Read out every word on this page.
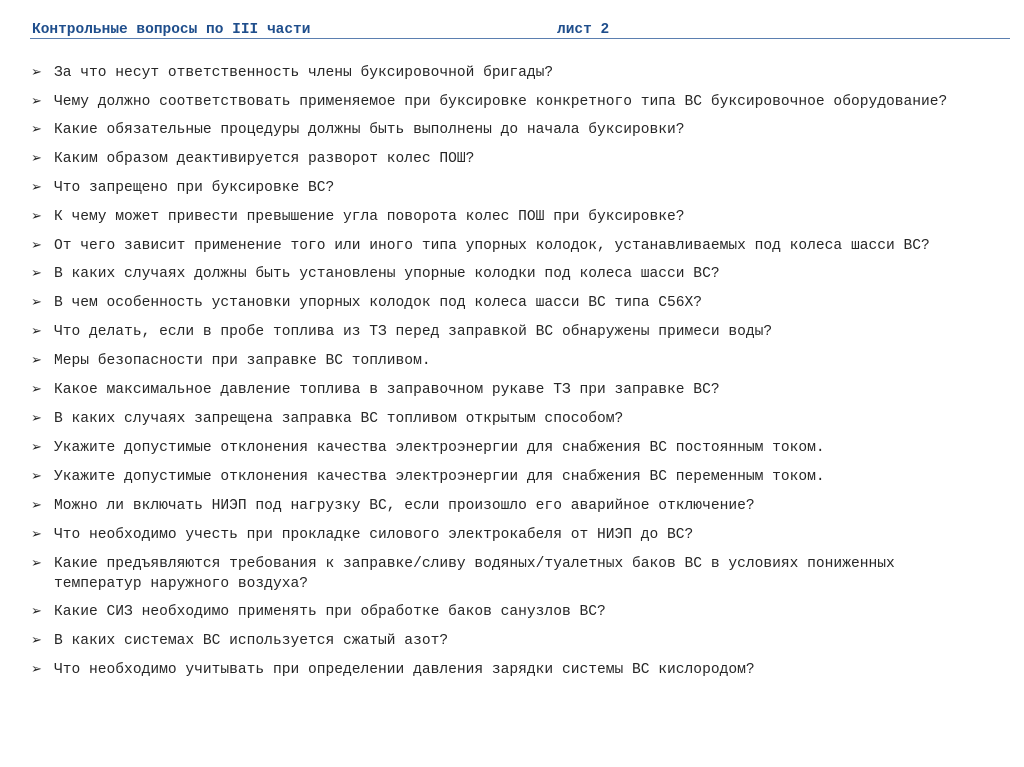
Контрольные вопросы по III части	лист 2
➢ За что несут ответственность члены буксировочной бригады?
➢ Чему должно соответствовать применяемое при буксировке конкретного типа ВС буксировочное оборудование?
➢ Какие обязательные процедуры должны быть выполнены до начала буксировки?
➢ Каким образом деактивируется разворот колес ПОШ?
➢ Что запрещено при буксировке ВС?
➢ К чему может привести превышение угла поворота колес ПОШ при буксировке?
➢ От чего зависит применение того или иного типа упорных колодок, устанавливаемых под колеса шасси ВС?
➢ В каких случаях должны быть установлены упорные колодки под колеса шасси ВС?
➢ В чем особенность установки упорных колодок под колеса шасси ВС типа С56Х?
➢ Что делать, если в пробе топлива из ТЗ перед заправкой ВС обнаружены примеси воды?
➢ Меры безопасности при заправке ВС топливом.
➢ Какое максимальное давление топлива в заправочном рукаве ТЗ при заправке ВС?
➢ В каких случаях запрещена заправка ВС топливом открытым способом?
➢ Укажите допустимые отклонения качества электроэнергии для снабжения ВС постоянным током.
➢ Укажите допустимые отклонения качества электроэнергии для снабжения ВС переменным током.
➢ Можно ли включать НИЭП под нагрузку ВС, если произошло его аварийное отключение?
➢ Что необходимо учесть при прокладке силового электрокабеля от НИЭП до ВС?
➢ Какие предъявляются требования к заправке/сливу водяных/туалетных баков ВС в условиях пониженных температур наружного воздуха?
➢ Какие СИЗ необходимо применять при обработке баков санузлов ВС?
➢ В каких системах ВС используется сжатый азот?
➢ Что необходимо учитывать при определении давления зарядки системы ВС кислородом?
